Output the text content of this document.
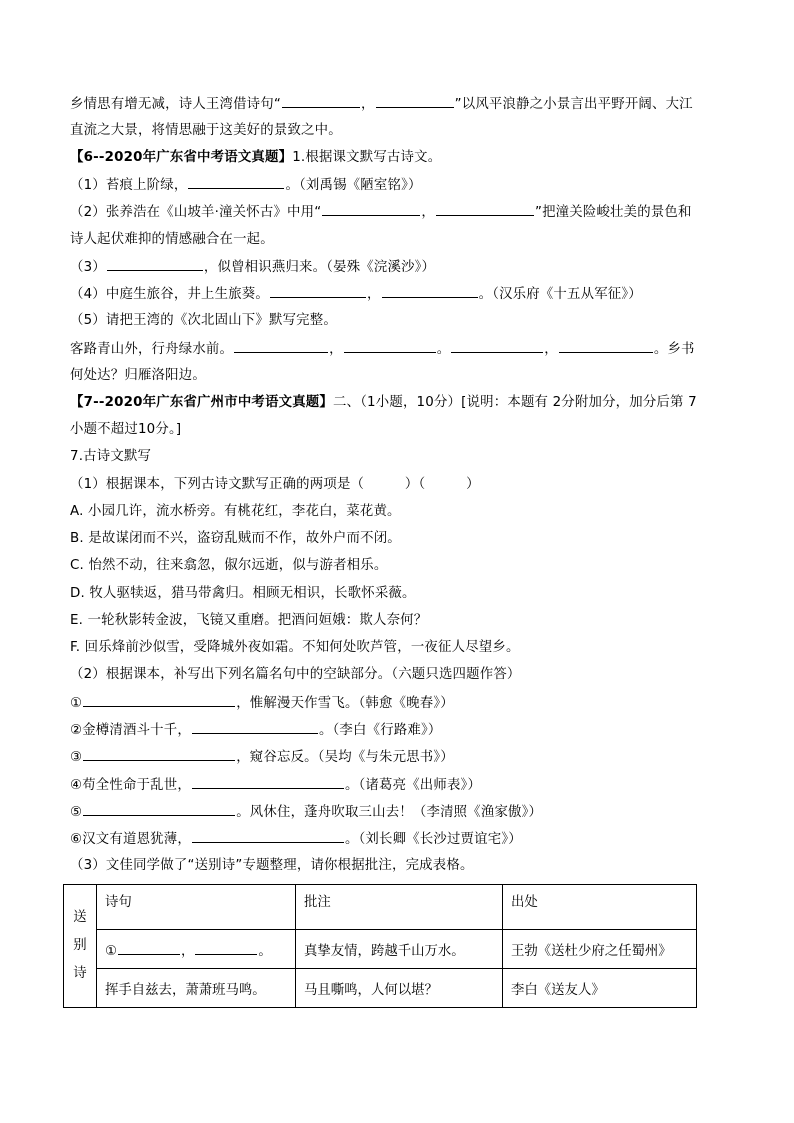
乡情思有增无减，诗人王湾借诗句“	，	”以风平浪静之小景言出平野开阔、大江
直流之大景，将情思融于这美好的景致之中。
【6--2020年广东省中考语文真题】1.根据课文默写古诗文。
（1）苔痕上阶绿，	。（刘禹锡《陋室铭》）
（2）张养浩在《山坡羊·潼关怀古》中用“	，	”把潼关险峻壮美的景色和
诗人起伏难抑的情感融合在一起。
（3）	，似曾相识燕归来。（晏殊《浣溪沙》）
（4）中庭生旅谷，井上生旅葵。	，	。（汉乐府《十五从军征》）
（5）请把王湾的《次北固山下》默写完整。
客路青山外，行舟绿水前。	，	。	，	。乡书
何处达？归雁洛阳边。
【7--2020年广东省广州市中考语文真题】二、（1小题，10分）[说明：本题有 2分附加分，加分后第 7
小题不超过10分。]
7.古诗文默写
（1）根据课本，下列古诗文默写正确的两项是（　　　）（　　　）
A. 小园几许，流水桥旁。有桃花红，李花白，菜花黄。
B. 是故谋闭而不兴，盗窃乱贼而不作，故外户而不闭。
C. 怡然不动，往来翕忽，俶尔远逝，似与游者相乐。
D. 牧人驱犊返，猎马带禽归。相顾无相识，长歌怀采薇。
E. 一轮秋影转金波，飞镜又重磨。把酒问姮娥：欺人奈何？
F. 回乐烽前沙似雪，受降城外夜如霜。不知何处吹芦管，一夜征人尽望乡。
（2）根据课本，补写出下列名篇名句中的空缺部分。（六题只选四题作答）
①	，惟解漫天作雪飞。（韩愈《晚春》）
②金樽清酒斗十千，	。（李白《行路难》）
③	，窥谷忘反。（吴均《与朱元思书》）
④苟全性命于乱世，	。（诸葛亮《出师表》）
⑤	。风休住，蓬舟吹取三山去！（李清照《渔家傲》）
⑥汉文有道恩犹薄，	。（刘长卿《长沙过贾谊宅》）
（3）文佳同学做了“送别诗”专题整理，请你根据批注，完成表格。
送别诗	诗句	批注	出处
	① ， 。	真挚友情，跨越千山万水。	王勃《送杜少府之任蜀州》
	挥手自兹去，萧萧班马鸣。	马且嘶鸣，人何以堪？	李白《送友人》
